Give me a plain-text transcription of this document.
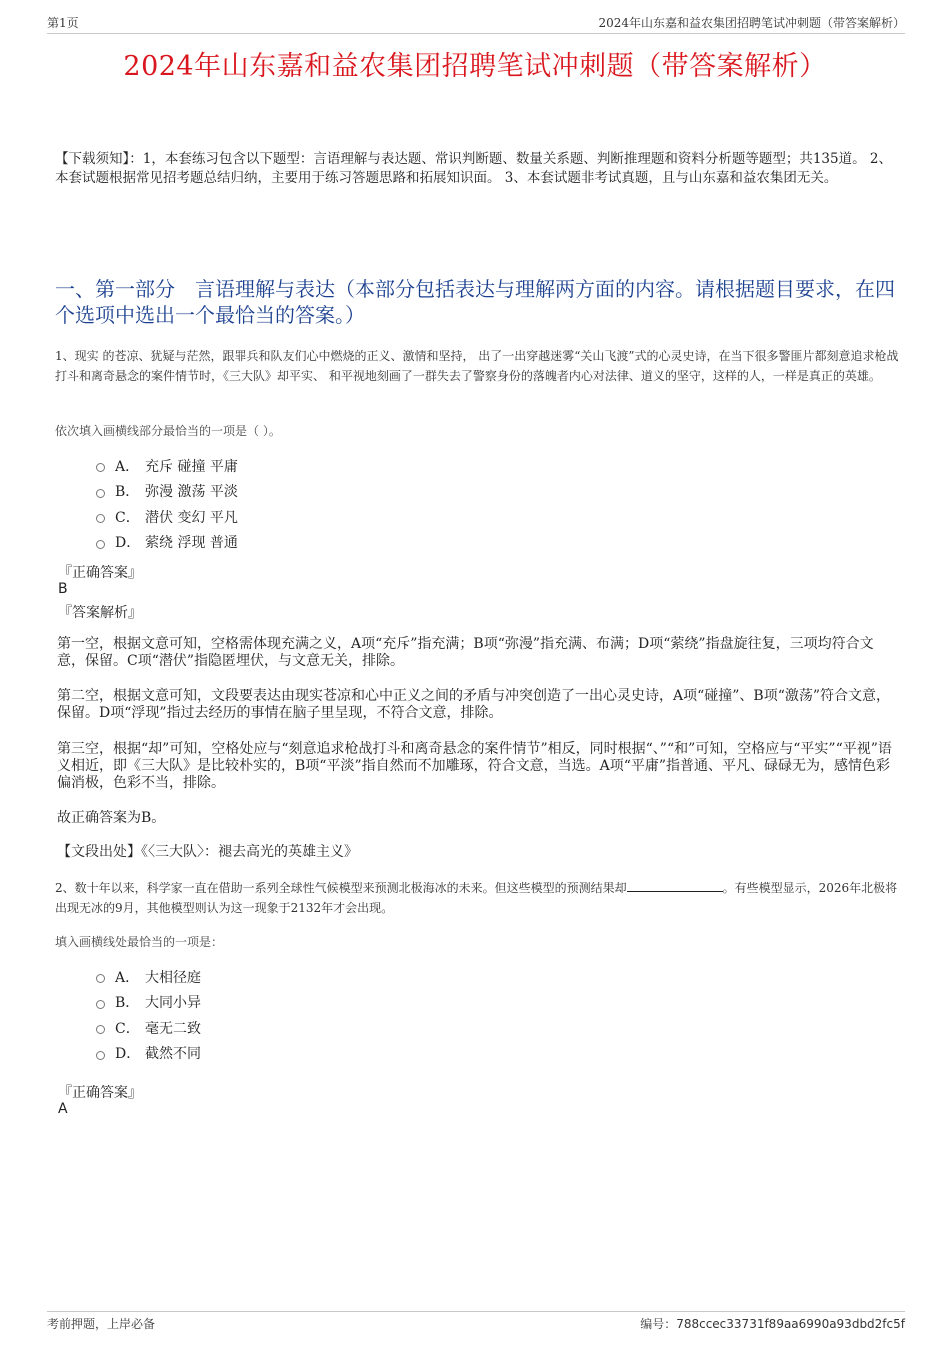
第1页	2024年山东嘉和益农集团招聘笔试冲刺题（带答案解析）
2024年山东嘉和益农集团招聘笔试冲刺题（带答案解析）
【下载须知】：1，本套练习包含以下题型：言语理解与表达题、常识判断题、数量关系题、判断推理题和资料分析题等题型；共135道。 2、本套试题根据常见招考题总结归纳，主要用于练习答题思路和拓展知识面。 3、本套试题非考试真题，且与山东嘉和益农集团无关。
一、第一部分　言语理解与表达（本部分包括表达与理解两方面的内容。请根据题目要求，在四个选项中选出一个最恰当的答案。）
1、现实 的苍凉、犹疑与茫然，跟罪兵和队友们心中燃烧的正义、激情和坚持， 出了一出穿越迷雾“关山飞渡”式的心灵史诗，在当下很多警匪片都刻意追求枪战打斗和离奇悬念的案件情节时，《三大队》却平实、 和平视地刻画了一群失去了警察身份的落魄者内心对法律、道义的坚守，这样的人，一样是真正的英雄。
依次填入画横线部分最恰当的一项是（ ）。
A． 充斥 碰撞 平庸
B． 弥漫 激荡 平淡
C． 潜伏 变幻 平凡
D． 萦绕 浮现 普通
『正确答案』
B
『答案解析』
第一空，根据文意可知，空格需体现充满之义，A项“充斥”指充满；B项“弥漫”指充满、布满；D项“萦绕”指盘旋往复，三项均符合文意，保留。C项“潜伏”指隐匿埋伏，与文意无关，排除。
第二空，根据文意可知，文段要表达由现实苍凉和心中正义之间的矛盾与冲突创造了一出心灵史诗，A项“碰撞”、B项“激荡”符合文意，保留。D项“浮现”指过去经历的事情在脑子里呈现，不符合文意，排除。
第三空，根据“却”可知，空格处应与“刻意追求枪战打斗和离奇悬念的案件情节”相反，同时根据“、”“和”可知，空格应与“平实”“平视”语义相近，即《三大队》是比较朴实的，B项“平淡”指自然而不加雕琢，符合文意，当选。A项“平庸”指普通、平凡、碌碌无为，感情色彩偏消极，色彩不当，排除。
故正确答案为B。
【文段出处】《〈三大队〉：褪去高光的英雄主义》
2、数十年以来，科学家一直在借助一系列全球性气候模型来预测北极海冰的未来。但这些模型的预测结果却	。有些模型显示，2026年北极将出现无冰的9月，其他模型则认为这一现象于2132年才会出现。
填入画横线处最恰当的一项是：
A． 大相径庭
B． 大同小异
C． 毫无二致
D． 截然不同
『正确答案』
A
考前押题，上岸必备	编号：788ccec33731f89aa6990a93dbd2fc5f
